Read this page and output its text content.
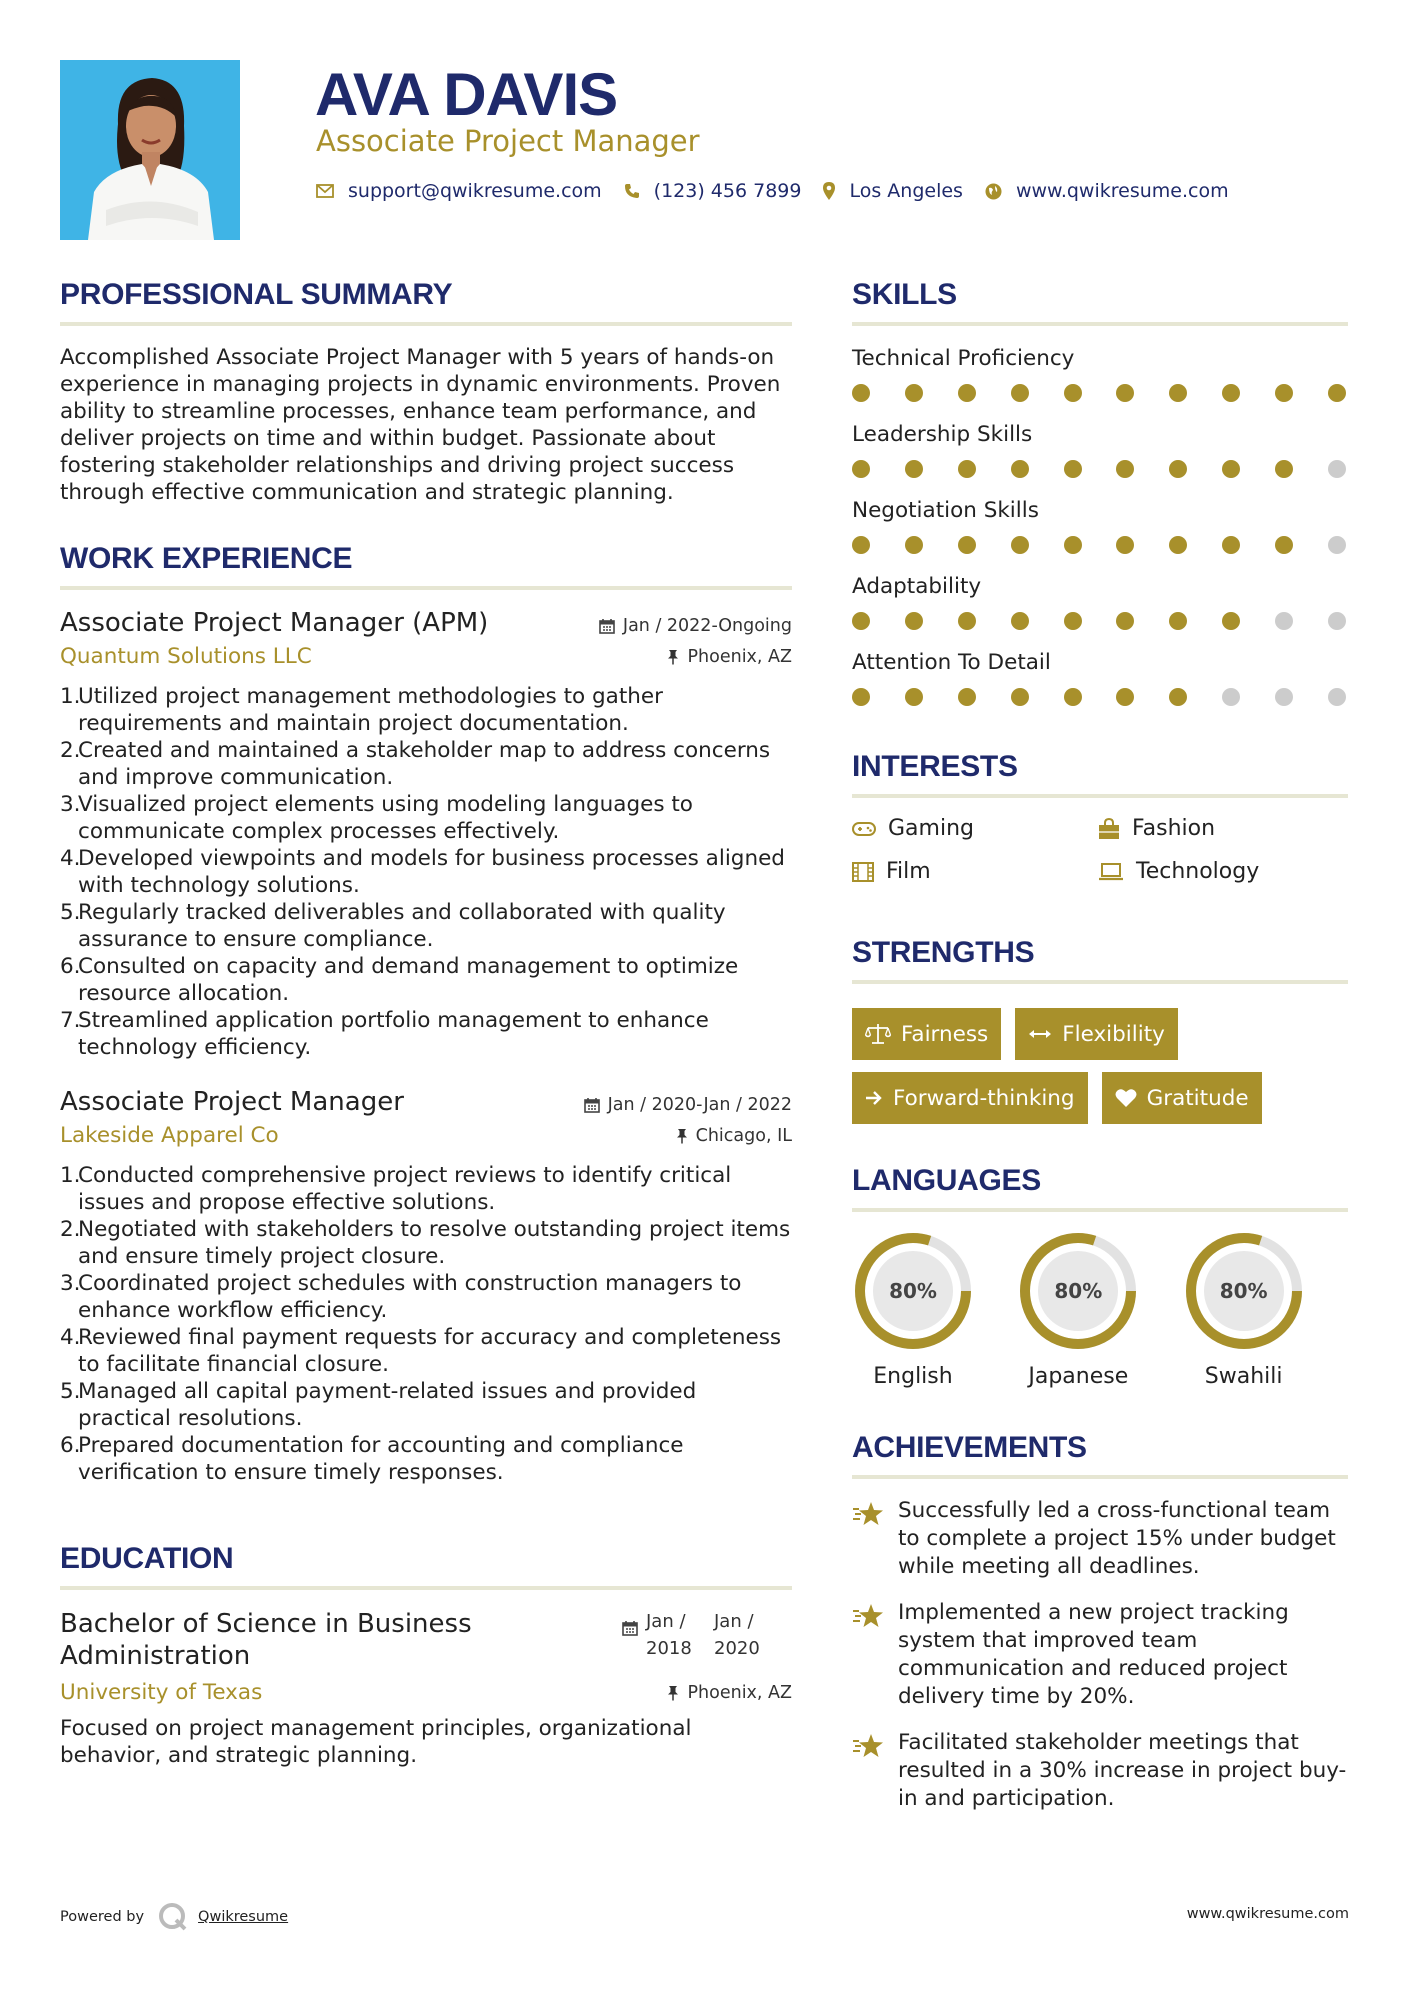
AVA DAVIS
Associate Project Manager
support@qwikresume.com	(123) 456 7899	Los Angeles	www.qwikresume.com
PROFESSIONAL SUMMARY

Accomplished Associate Project Manager with 5 years of hands-on experience in managing projects in dynamic environments. Proven ability to streamline processes, enhance team performance, and deliver projects on time and within budget. Passionate about fostering stakeholder relationships and driving project success through effective communication and strategic planning.

WORK EXPERIENCE
Associate Project Manager (APM)	Jan / 2022-Ongoing
Quantum Solutions LLC	Phoenix, AZ
1.
Utilized project management methodologies to gather requirements and maintain project documentation.
2.
Created and maintained a stakeholder map to address concerns and improve communication.
3.
Visualized project elements using modeling languages to communicate complex processes effectively.
4.
Developed viewpoints and models for business processes aligned with technology solutions.
5.
Regularly tracked deliverables and collaborated with quality assurance to ensure compliance.
6.
Consulted on capacity and demand management to optimize resource allocation.
7.
Streamlined application portfolio management to enhance technology efficiency.
Associate Project Manager	Jan / 2020-Jan / 2022
Lakeside Apparel Co	Chicago, IL
1.
Conducted comprehensive project reviews to identify critical issues and propose effective solutions.
2.
Negotiated with stakeholders to resolve outstanding project items and ensure timely project closure.
3.
Coordinated project schedules with construction managers to enhance workflow efficiency.
4.
Reviewed final payment requests for accuracy and completeness to facilitate financial closure.
5.
Managed all capital payment-related issues and provided practical resolutions.
6.
Prepared documentation for accounting and compliance verification to ensure timely responses.
EDUCATION
Bachelor of Science in Business Administration
Jan /
2018
Jan /
2020
University of Texas	Phoenix, AZ

Focused on project management principles, organizational behavior, and strategic planning.

SKILLS
Technical Proficiency
Leadership Skills
Negotiation Skills
Adaptability
Attention To Detail
INTERESTS
Gaming	Fashion
Film	Technology
STRENGTHS
Fairness	Flexibility
Forward-thinking	Gratitude
LANGUAGES
80%
English
80%
Japanese
80%
Swahili
ACHIEVEMENTS
Successfully led a cross-functional team to complete a project 15% under budget while meeting all deadlines.
Implemented a new project tracking system that improved team communication and reduced project delivery time by 20%.
Facilitated stakeholder meetings that resulted in a 30% increase in project buy-in and participation.
Powered by	Qwikresume	www.qwikresume.com
